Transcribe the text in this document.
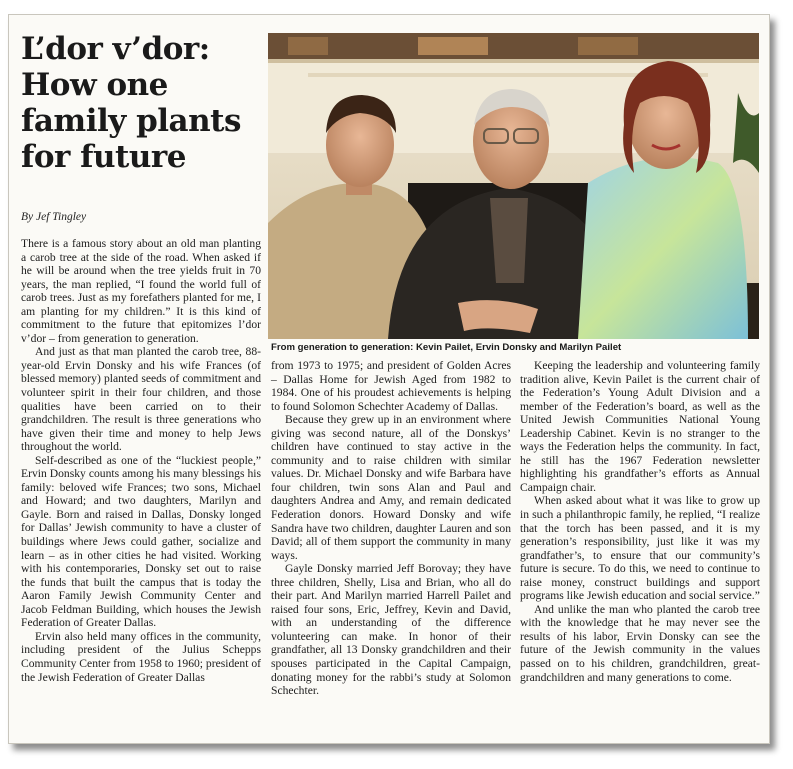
L’dor v’dor: How one family plants for future
By Jef Tingley

There is a famous story about an old man planting a carob tree at the side of the road. When asked if he will be around when the tree yields fruit in 70 years, the man replied, “I found the world full of carob trees. Just as my forefathers planted for me, I am planting for my children.” It is this kind of commitment to the future that epitomizes l’dor v’dor – from generation to generation.

And just as that man planted the carob tree, 88-year-old Ervin Donsky and his wife Frances (of blessed memory) planted seeds of commitment and volunteer spirit in their four children, and those qualities have been carried on to their grandchildren. The result is three generations who have given their time and money to help Jews throughout the world.

Self-described as one of the “luckiest people,” Ervin Donsky counts among his many blessings his family: beloved wife Frances; two sons, Michael and Howard; and two daughters, Marilyn and Gayle. Born and raised in Dallas, Donsky longed for Dallas’ Jewish community to have a cluster of buildings where Jews could gather, socialize and learn – as in other cities he had visited. Working with his contemporaries, Donsky set out to raise the funds that built the campus that is today the Aaron Family Jewish Community Center and Jacob Feldman Building, which houses the Jewish Federation of Greater Dallas.

Ervin also held many offices in the community, including president of the Julius Schepps Community Center from 1958 to 1960; president of the Jewish Federation of Greater Dallas

From generation to generation: Kevin Pailet, Ervin Donsky and Marilyn Pailet

from 1973 to 1975; and president of Golden Acres – Dallas Home for Jewish Aged from 1982 to 1984. One of his proudest achievements is helping to found Solomon Schechter Academy of Dallas.

Because they grew up in an environment where giving was second nature, all of the Donskys’ children have continued to stay active in the community and to raise children with similar values. Dr. Michael Donsky and wife Barbara have four children, twin sons Alan and Paul and daughters Andrea and Amy, and remain dedicated Federation donors. Howard Donsky and wife Sandra have two children, daughter Lauren and son David; all of them support the community in many ways.

Gayle Donsky married Jeff Borovay; they have three children, Shelly, Lisa and Brian, who all do their part. And Marilyn married Harrell Pailet and raised four sons, Eric, Jeffrey, Kevin and David, with an understanding of the difference volunteering can make. In honor of their grandfather, all 13 Donsky grandchildren and their spouses participated in the Capital Campaign, donating money for the rabbi’s study at Solomon Schechter.

Keeping the leadership and volunteering family tradition alive, Kevin Pailet is the current chair of the Federation’s Young Adult Division and a member of the Federation’s board, as well as the United Jewish Communities National Young Leadership Cabinet. Kevin is no stranger to the ways the Federation helps the community. In fact, he still has the 1967 Federation newsletter highlighting his grandfather’s efforts as Annual Campaign chair.

When asked about what it was like to grow up in such a philanthropic family, he replied, “I realize that the torch has been passed, and it is my generation’s responsibility, just like it was my grandfather’s, to ensure that our community’s future is secure. To do this, we need to continue to raise money, construct buildings and support programs like Jewish education and social service.”

And unlike the man who planted the carob tree with the knowledge that he may never see the results of his labor, Ervin Donsky can see the future of the Jewish community in the values passed on to his children, grandchildren, great-grandchildren and many generations to come.
